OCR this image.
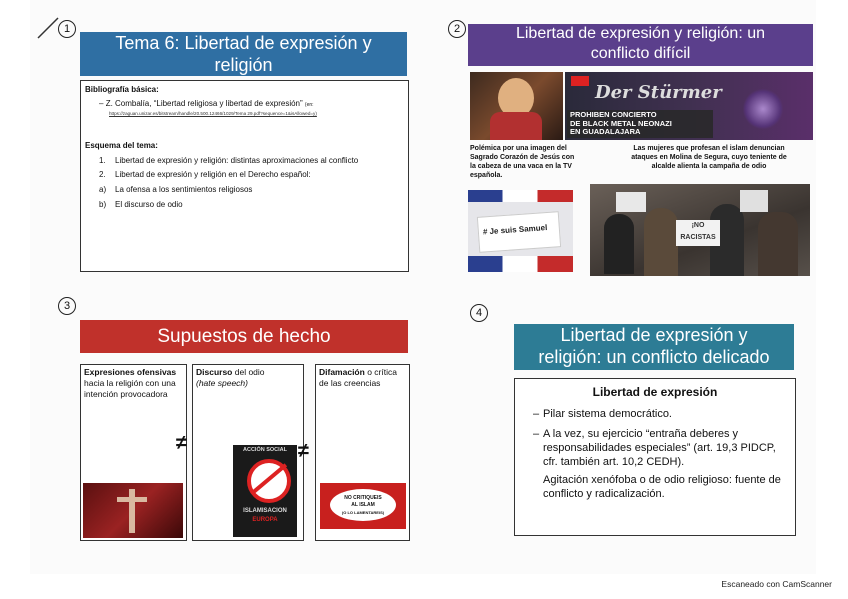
1
Tema 6: Libertad de expresión y
religión
Bibliografía básica:
– Z. Combalía, “Libertad religiosa y libertad de expresión” (en:
https://zaguan.unizar.es/bitstream/handle/20.500.12466/1029/Tema 29.pdf?sequence=1&isAllowed=y)
Esquema del tema:
1.	Libertad de expresión y religión: distintas aproximaciones al conflicto
2.	Libertad de expresión y religión en el Derecho español:
a)	La ofensa a los sentimientos religiosos
b)	El discurso de odio
2	Libertad de expresión y religión: un
conflicto difícil
Der Stürmer
PROHIBEN CONCIERTO
DE BLACK METAL NEONAZI
EN GUADALAJARA
Polémica por una imagen del Sagrado Corazón de Jesús con la cabeza de una vaca en la TV española.
Las mujeres que profesan el islam denuncian ataques en Molina de Segura, cuyo teniente de alcalde alienta la campaña de odio
# Je suis Samuel	¡NO
RACISTAS
3
Supuestos de hecho
Expresiones ofensivas hacia la religión con una intención provocadora
≠
Discurso del odio
(hate speech)
ACCIÓN SOCIAL
ISLAMISACION
EUROPA
≠
Difamación o crítica de las creencias
NO CRITIQUEIS
AL ISLAM
(O LO LAMENTAREIS)
4
Libertad de expresión y
religión: un conflicto delicado
Libertad de expresión
– Pilar sistema democrático.
– A la vez, su ejercicio “entraña deberes y responsabilidades especiales” (art. 19,3 PIDCP, cfr. también art. 10,2 CEDH).
Agitación xenófoba o de odio religioso: fuente de conflicto y radicalización.
Escaneado con CamScanner
